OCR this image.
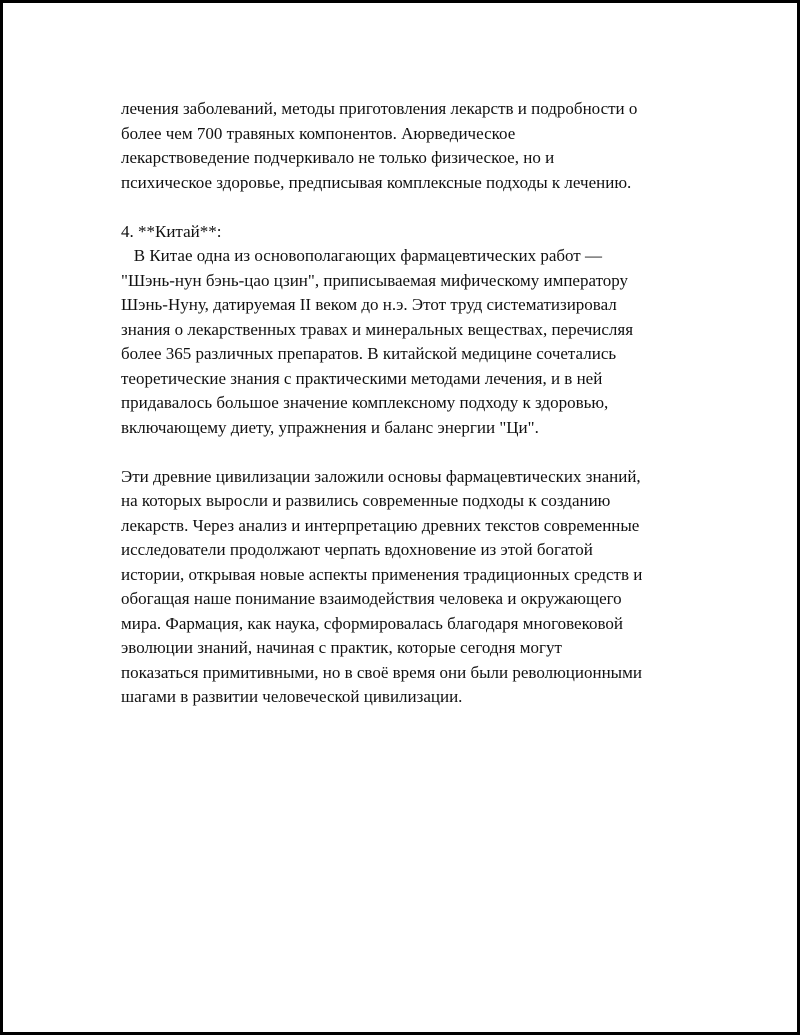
лечения заболеваний, методы приготовления лекарств и подробности о
более чем 700 травяных компонентов. Аюрведическое
лекарствоведение подчеркивало не только физическое, но и
психическое здоровье, предписывая комплексные подходы к лечению.
4. **Китай**:
В Китае одна из основополагающих фармацевтических работ —
"Шэнь-нун бэнь-цао цзин", приписываемая мифическому императору
Шэнь-Нуну, датируемая II веком до н.э. Этот труд систематизировал
знания о лекарственных травах и минеральных веществах, перечисляя
более 365 различных препаратов. В китайской медицине сочетались
теоретические знания с практическими методами лечения, и в ней
придавалось большое значение комплексному подходу к здоровью,
включающему диету, упражнения и баланс энергии "Ци".
Эти древние цивилизации заложили основы фармацевтических знаний,
на которых выросли и развились современные подходы к созданию
лекарств. Через анализ и интерпретацию древних текстов современные
исследователи продолжают черпать вдохновение из этой богатой
истории, открывая новые аспекты применения традиционных средств и
обогащая наше понимание взаимодействия человека и окружающего
мира. Фармация, как наука, сформировалась благодаря многовековой
эволюции знаний, начиная с практик, которые сегодня могут
показаться примитивными, но в своё время они были революционными
шагами в развитии человеческой цивилизации.
